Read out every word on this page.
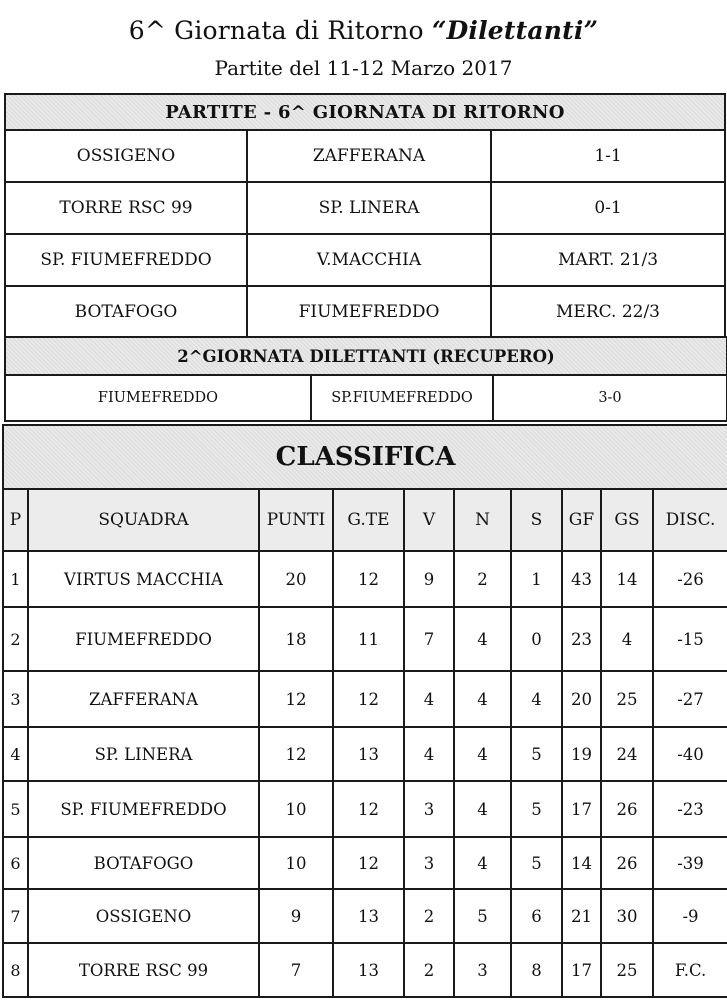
6^ Giornata di Ritorno “Dilettanti”
Partite del 11-12 Marzo 2017
PARTITE - 6^ GIORNATA DI RITORNO		
OSSIGENO	ZAFFERANA	1-1
TORRE RSC 99	SP. LINERA	0-1
SP. FIUMEFREDDO	V.MACCHIA	MART. 21/3
BOTAFOGO	FIUMEFREDDO	MERC. 22/3
2^GIORNATA DILETTANTI (RECUPERO)
FIUMEFREDDO	SP.FIUMEFREDDO	3-0
CLASSIFICA									
P	SQUADRA	PUNTI	G.TE	V	N	S	GF	GS	DISC.
1	VIRTUS MACCHIA	20	12	9	2	1	43	14	-26
2	FIUMEFREDDO	18	11	7	4	0	23	4	-15
3	ZAFFERANA	12	12	4	4	4	20	25	-27
4	SP. LINERA	12	13	4	4	5	19	24	-40
5	SP. FIUMEFREDDO	10	12	3	4	5	17	26	-23
6	BOTAFOGO	10	12	3	4	5	14	26	-39
7	OSSIGENO	9	13	2	5	6	21	30	-9
8	TORRE RSC 99	7	13	2	3	8	17	25	F.C.
